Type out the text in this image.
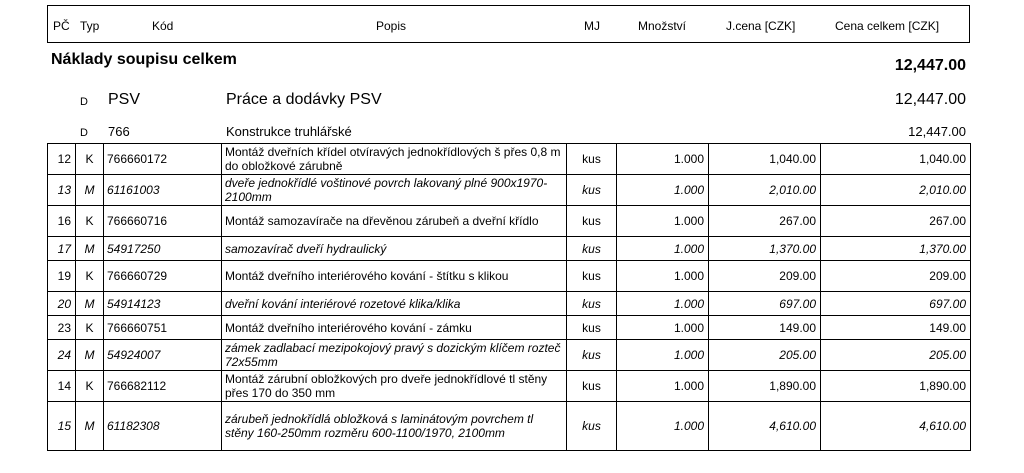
PČ Typ	Kód	Popis	MJ	Množství	J.cena [CZK]	Cena celkem [CZK]
Náklady soupisu celkem	12,447.00
D PSV	Práce a dodávky PSV	12,447.00
D 766	Konstrukce truhlářské	12,447.00
12	K	766660172	Montáž dveřních křídel otvíravých jednokřídlových š přes 0,8 m do obložkové zárubně	kus	1.000	1,040.00	1,040.00
13	M	61161003	dveře jednokřídlé voštinové povrch lakovaný plné 900x1970-2100mm	kus	1.000	2,010.00	2,010.00
16	K	766660716	Montáž samozavírače na dřevěnou zárubeň a dveřní křídlo	kus	1.000	267.00	267.00
17	M	54917250	samozavírač dveří hydraulický	kus	1.000	1,370.00	1,370.00
19	K	766660729	Montáž dveřního interiérového kování - štítku s klikou	kus	1.000	209.00	209.00
20	M	54914123	dveřní kování interiérové rozetové klika/klika	kus	1.000	697.00	697.00
23	K	766660751	Montáž dveřního interiérového kování - zámku	kus	1.000	149.00	149.00
24	M	54924007	zámek zadlabací mezipokojový pravý s dozickým klíčem rozteč 72x55mm	kus	1.000	205.00	205.00
14	K	766682112	Montáž zárubní obložkových pro dveře jednokřídlové tl stěny přes 170 do 350 mm	kus	1.000	1,890.00	1,890.00
15	M	61182308	zárubeň jednokřídlá obložková s laminátovým povrchem tl stěny 160-250mm rozměru 600-1100/1970, 2100mm	kus	1.000	4,610.00	4,610.00
